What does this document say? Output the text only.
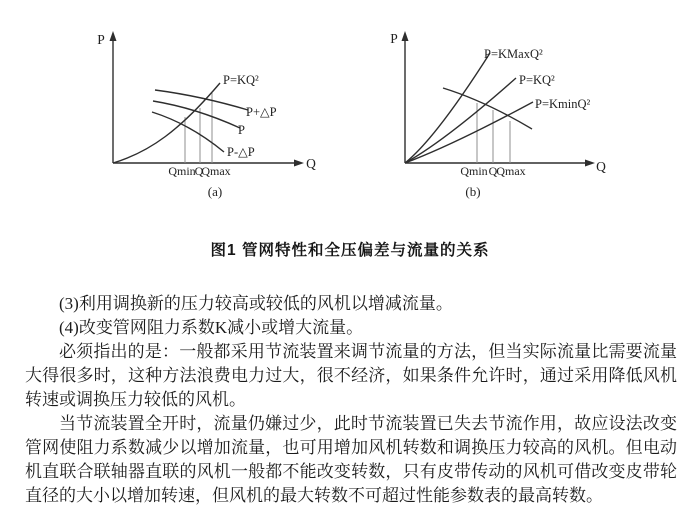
P
Q
P=KQ²
P+△P
P
P-△P
Qmin
Q
Qmax
(a)
P
Q
P=KMaxQ²
P=KQ²
P=KminQ²
Qmin Q Qmax
(b)
图1 管网特性和全压偏差与流量的关系

(3)利用调换新的压力较高或较低的风机以增减流量。

(4)改变管网阻力系数K减小或增大流量。

必须指出的是：一般都采用节流装置来调节流量的方法，但当实际流量比需要流量大得很多时，这种方法浪费电力过大，很不经济，如果条件允许时，通过采用降低风机转速或调换压力较低的风机。

当节流装置全开时，流量仍嫌过少，此时节流装置已失去节流作用，故应设法改变管网使阻力系数减少以增加流量，也可用增加风机转数和调换压力较高的风机。但电动机直联合联轴器直联的风机一般都不能改变转数，只有皮带传动的风机可借改变皮带轮直径的大小以增加转速，但风机的最大转数不可超过性能参数表的最高转数。
